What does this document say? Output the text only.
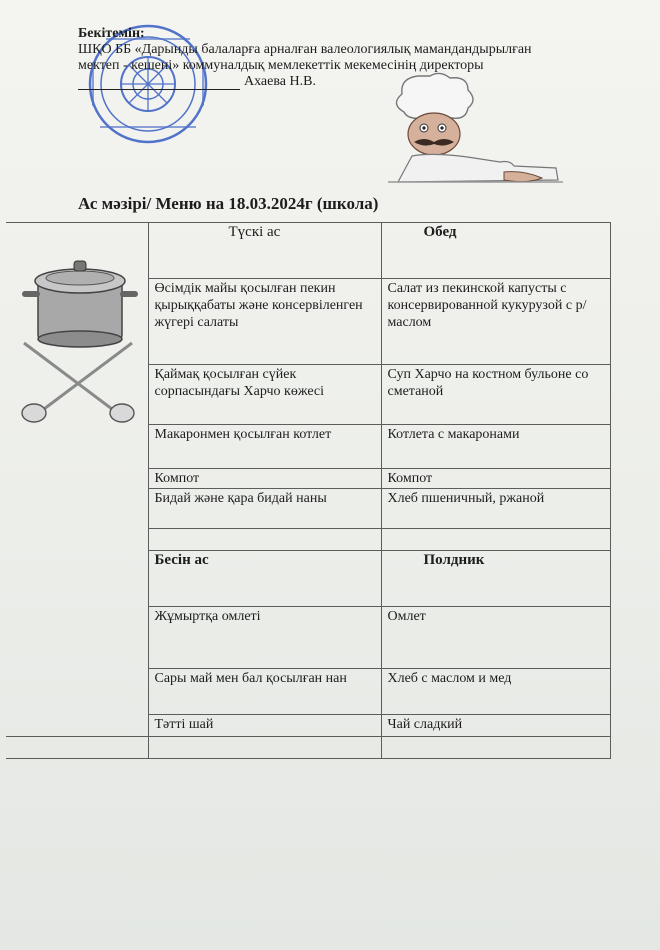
Бекітемін:
ШҚО ББ «Дарынды балаларға арналған валеологиялық мамандандырылған
мектеп - кешені» коммуналдық мемлекеттік мекемесінің директоры
Ахаева Н.В.
Ас мәзірі/ Меню на 18.03.2024г (школа)
	Түскі ас	Обед
	Өсімдік майы қосылған пекин қырыққабаты және консервіленген жүгері салаты	Салат из пекинской капусты с консервированной кукурузой с р/маслом
	Қаймақ қосылған сүйек сорпасындағы Харчо көжесі	Суп Харчо на костном бульоне со сметаной
	Макаронмен қосылған котлет	Котлета с макаронами
	Компот	Компот
	Бидай және қара бидай наны	Хлеб пшеничный, ржаной

	Бесін ас	Полдник
	Жұмыртқа омлеті	Омлет
	Сары май мен бал қосылған нан	Хлеб с маслом и мед
	Тәтті шай	Чай сладкий
